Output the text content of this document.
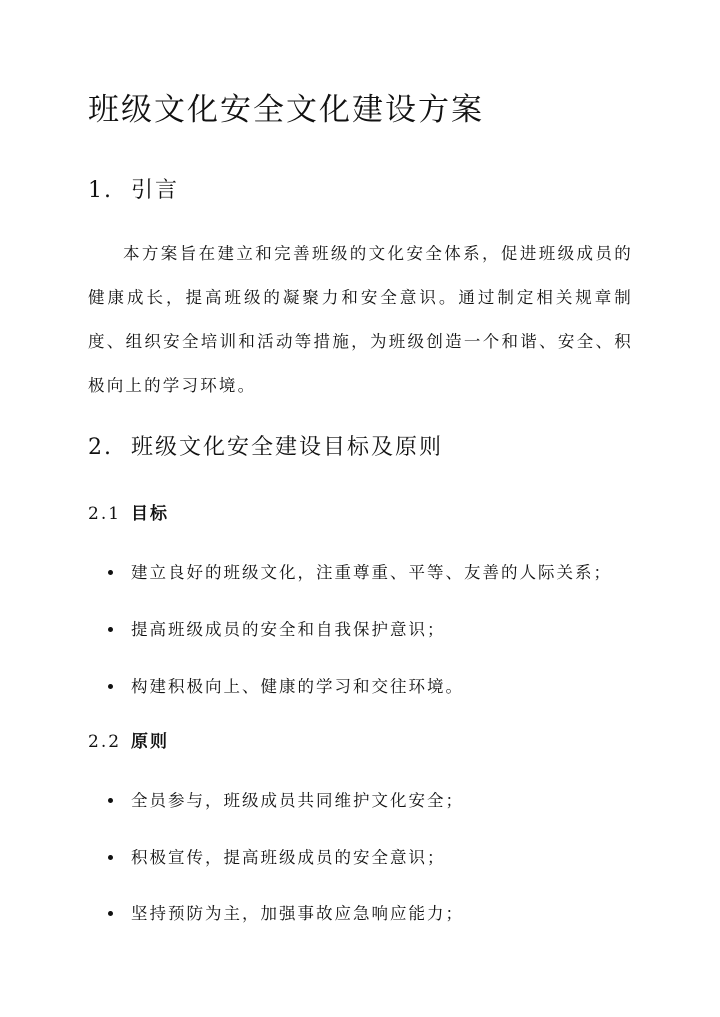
班级文化安全文化建设方案
1. 引言

本方案旨在建立和完善班级的文化安全体系，促进班级成员的健康成长，提高班级的凝聚力和安全意识。通过制定相关规章制度、组织安全培训和活动等措施，为班级创造一个和谐、安全、积极向上的学习环境。

2. 班级文化安全建设目标及原则
2.1 目标

建立良好的班级文化，注重尊重、平等、友善的人际关系；

提高班级成员的安全和自我保护意识；

构建积极向上、健康的学习和交往环境。

2.2 原则

全员参与，班级成员共同维护文化安全；

积极宣传，提高班级成员的安全意识；

坚持预防为主，加强事故应急响应能力；
